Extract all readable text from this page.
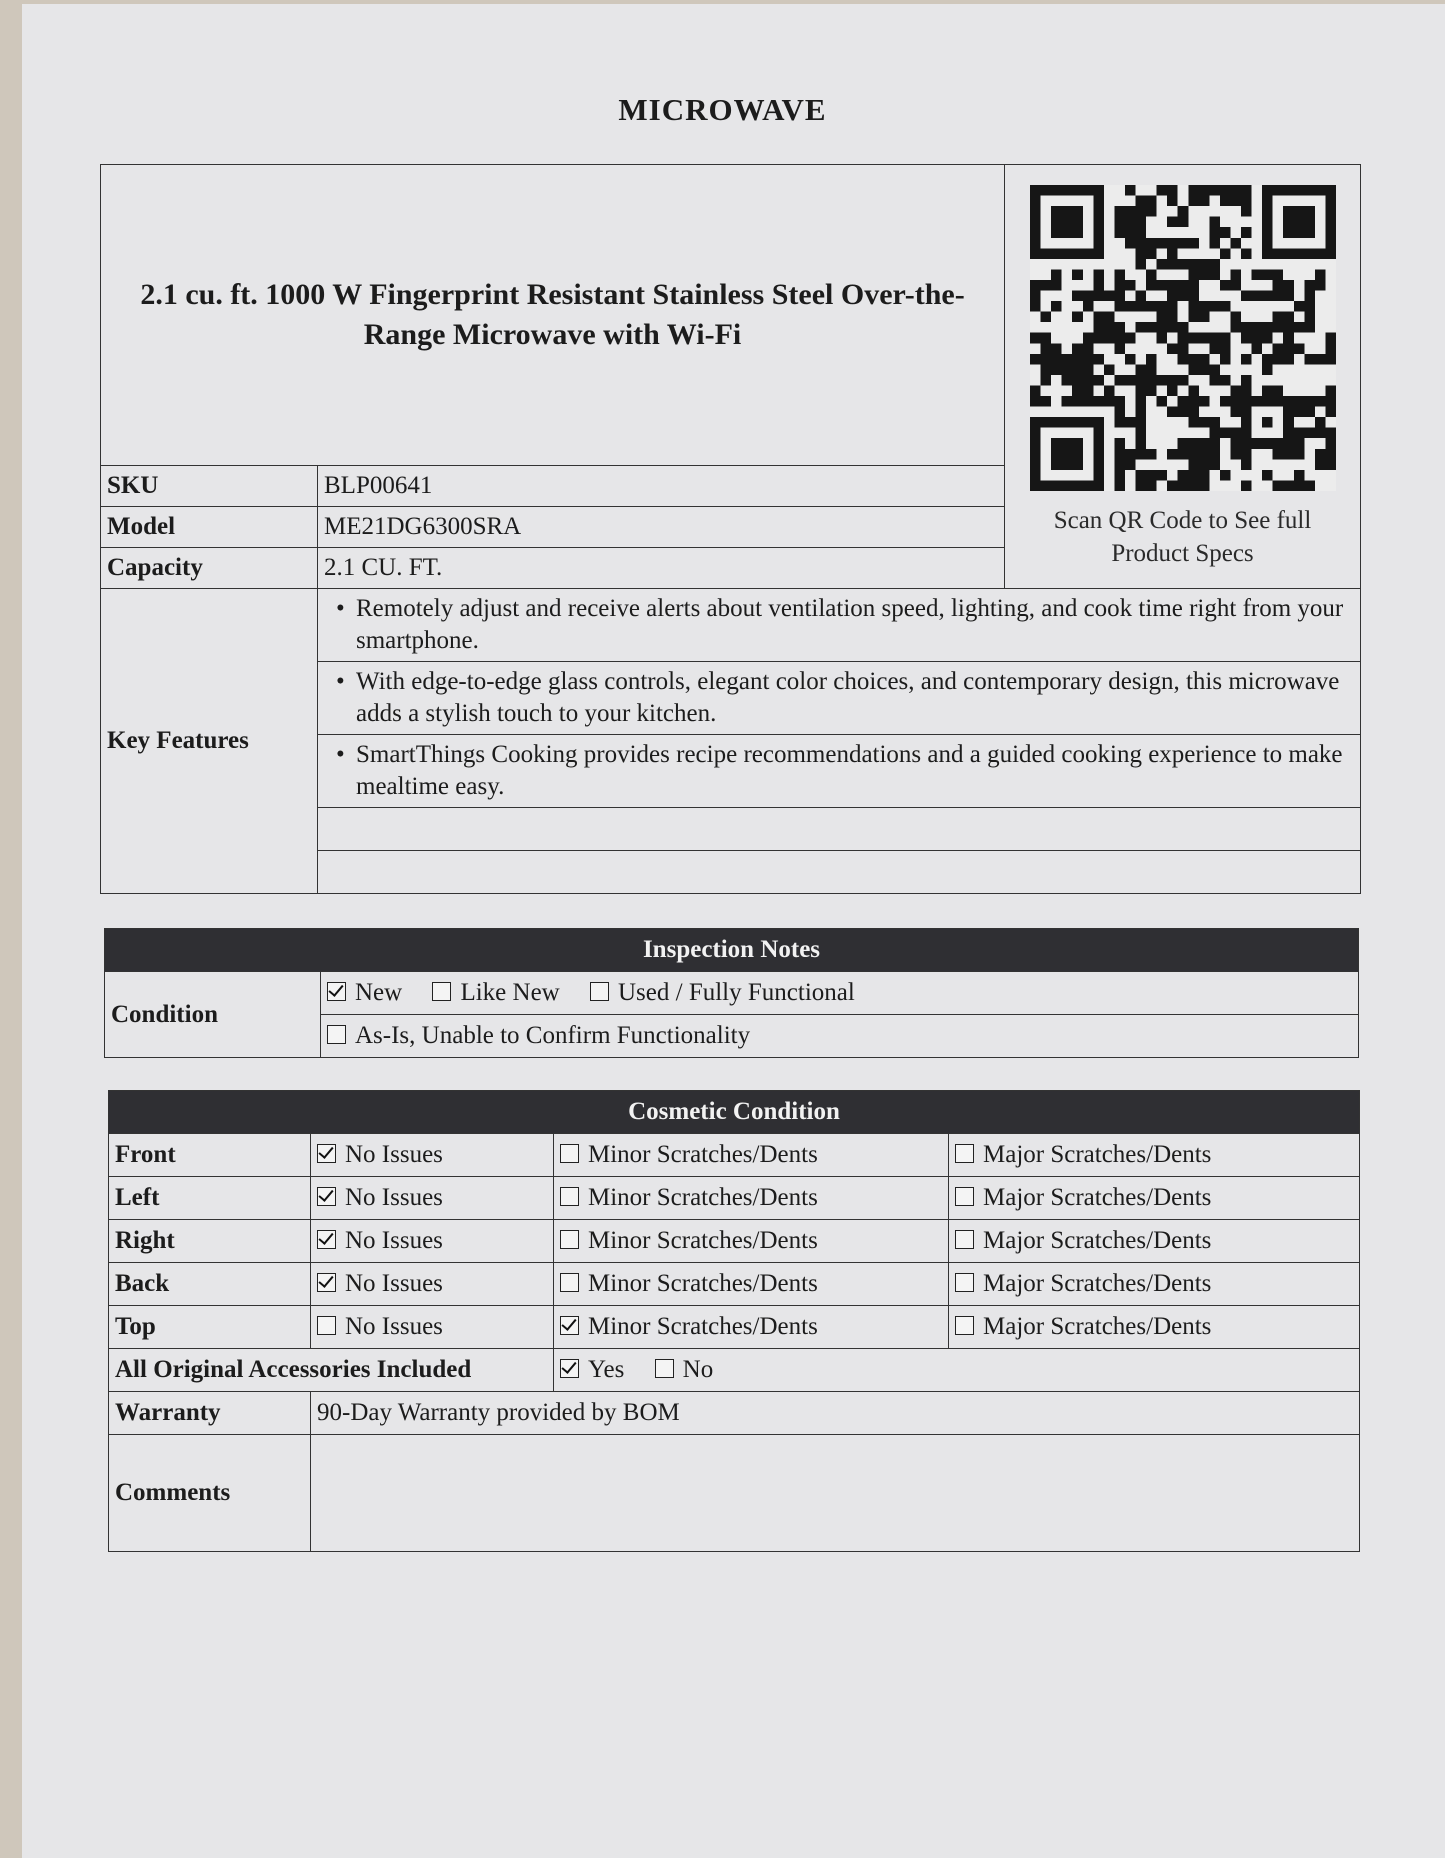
MICROWAVE
2.1 cu. ft. 1000 W Fingerprint Resistant Stainless Steel Over-the-Range Microwave with Wi-Fi		Scan QR Code to See full Product Specs

SKU	BLP00641	
Model	ME21DG6300SRA	
Capacity	2.1 CU. FT.	
Key Features	• Remotely adjust and receive alerts about ventilation speed, lighting, and cook time right from your smartphone.	
	• With edge-to-edge glass controls, elegant color choices, and contemporary design, this microwave adds a stylish touch to your kitchen.	
	• SmartThings Cooking provides recipe recommendations and a guided cooking experience to make mealtime easy.	

Inspection Notes
Condition	New Like New Used / Fully Functional
As-Is, Unable to Confirm Functionality
Cosmetic Condition			
Front	No Issues	Minor Scratches/Dents	Major Scratches/Dents
Left	No Issues	Minor Scratches/Dents	Major Scratches/Dents
Right	No Issues	Minor Scratches/Dents	Major Scratches/Dents
Back	No Issues	Minor Scratches/Dents	Major Scratches/Dents
Top	No Issues	Minor Scratches/Dents	Major Scratches/Dents
All Original Accessories Included		Yes No	
Warranty	90-Day Warranty provided by BOM		
Comments			
